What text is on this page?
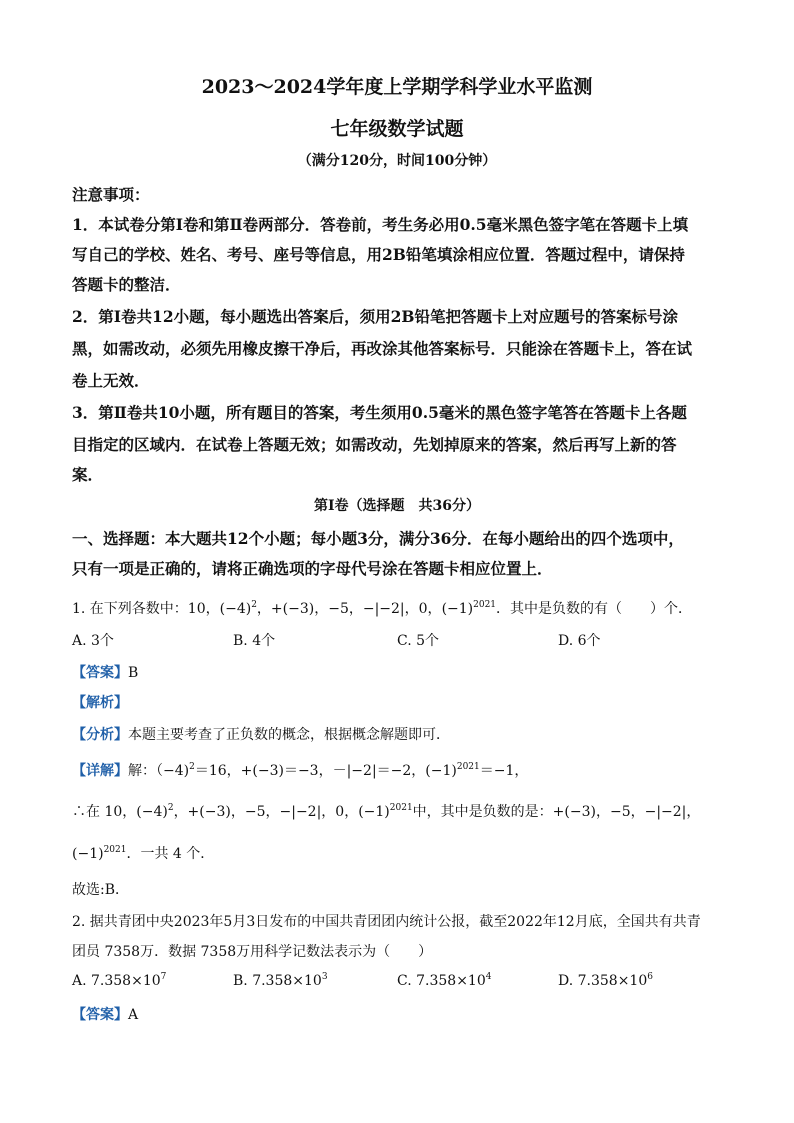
2023～2024学年度上学期学科学业水平监测
七年级数学试题
（满分120分，时间100分钟）
注意事项：
1．本试卷分第Ⅰ卷和第Ⅱ卷两部分．答卷前，考生务必用0.5毫米黑色签字笔在答题卡上填
写自己的学校、姓名、考号、座号等信息，用2B铅笔填涂相应位置．答题过程中，请保持
答题卡的整洁．
2．第Ⅰ卷共12小题，每小题选出答案后，须用2B铅笔把答题卡上对应题号的答案标号涂
黑，如需改动，必须先用橡皮擦干净后，再改涂其他答案标号．只能涂在答题卡上，答在试
卷上无效．
3．第Ⅱ卷共10小题，所有题目的答案，考生须用0.5毫米的黑色签字笔答在答题卡上各题
目指定的区域内．在试卷上答题无效；如需改动，先划掉原来的答案，然后再写上新的答
案．
第Ⅰ卷（选择题　共36分）
一、选择题：本大题共12个小题；每小题3分，满分36分．在每小题给出的四个选项中，
只有一项是正确的，请将正确选项的字母代号涂在答题卡相应位置上．
1. 在下列各数中：10，$(-4)^2$，+(−3)，−5，−|−2|，0，$(-1)^{2021}$．其中是负数的有（　　）个．
A. 3个	B. 4个	C. 5个	D. 6个
【答案】B
【解析】
【分析】本题主要考查了正负数的概念，根据概念解题即可．
【详解】解：（−4)$^2$＝16，+(−3)＝−3，－|−2|＝−2，$(-1)^{2021}=-1$，
∴在 10，$(-4)^2$，+(−3)，−5，−|−2|，0，$(-1)^{2021}$中，其中是负数的是：+(−3)，−5，−|−2|，
$(-1)^{2021}$．一共 4 个．
故选:B．
2. 据共青团中央2023年5月3日发布的中国共青团团内统计公报，截至2022年12月底，全国共有共青
团员 7358万．数据 7358万用科学记数法表示为（　　）
A. $7.358\times 10^7$	B. $7.358\times 10^3$	C. $7.358\times 10^4$	D. $7.358\times 10^6$
【答案】A
